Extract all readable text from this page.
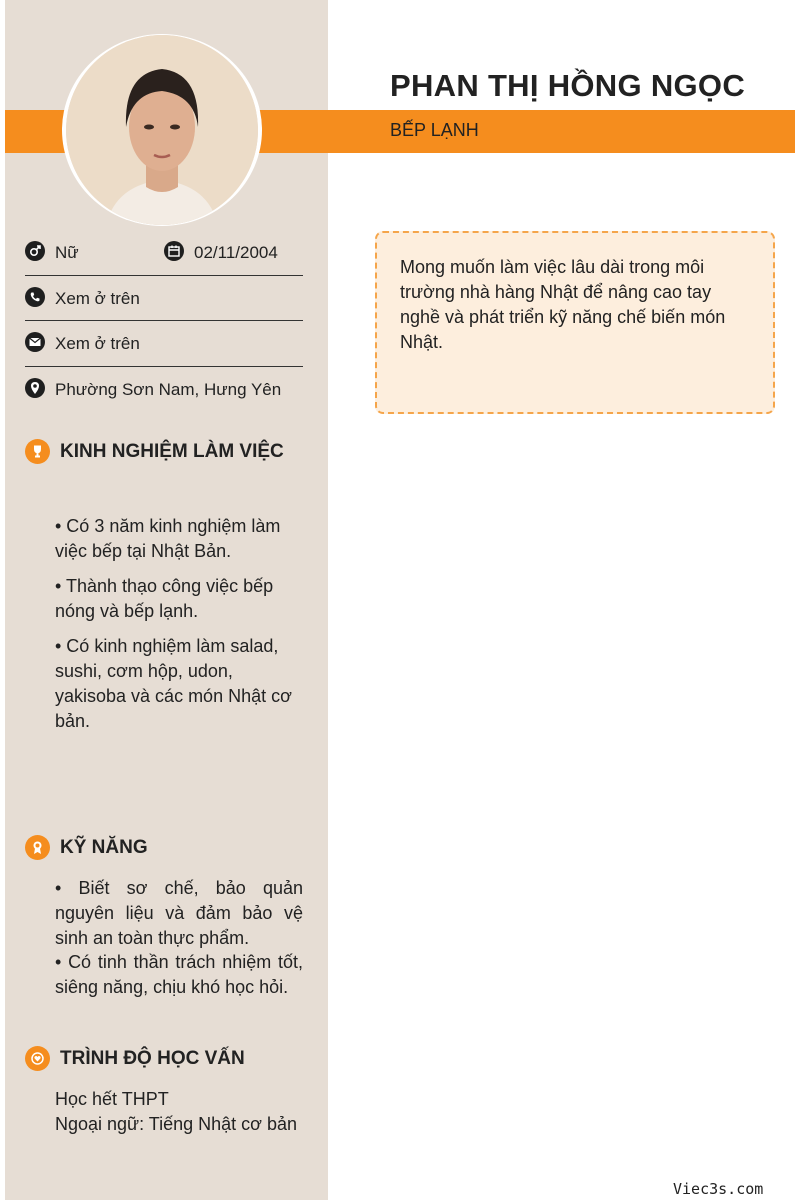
PHAN THỊ HỒNG NGỌC
BẾP LẠNH
Nữ	02/11/2004
Xem ở trên
Xem ở trên
Phường Sơn Nam, Hưng Yên
KINH NGHIỆM LÀM VIỆC
• Có 3 năm kinh nghiệm làm việc bếp tại Nhật Bản.
• Thành thạo công việc bếp nóng và bếp lạnh.
• Có kinh nghiệm làm salad, sushi, cơm hộp, udon, yakisoba và các món Nhật cơ bản.
KỸ NĂNG
• Biết sơ chế, bảo quản nguyên liệu và đảm bảo vệ sinh an toàn thực phẩm.
• Có tinh thần trách nhiệm tốt, siêng năng, chịu khó học hỏi.
TRÌNH ĐỘ HỌC VẤN
Học hết THPT
Ngoại ngữ: Tiếng Nhật cơ bản
Mong muốn làm việc lâu dài trong môi trường nhà hàng Nhật để nâng cao tay nghề và phát triển kỹ năng chế biến món Nhật.
Viec3s.com
